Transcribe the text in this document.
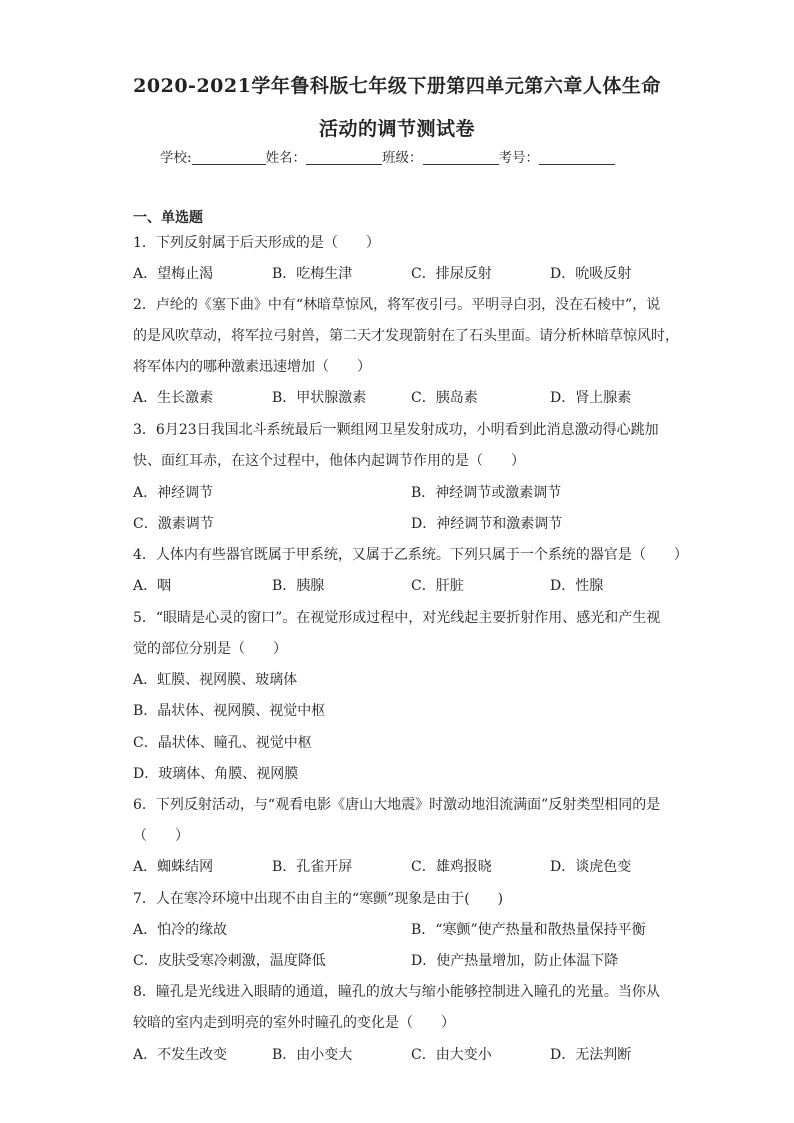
2020-2021学年鲁科版七年级下册第四单元第六章人体生命
活动的调节测试卷
学校:	姓名：	班级：	考号：
一、单选题
1．下列反射属于后天形成的是（　　）
A．望梅止渴	B．吃梅生津	C．排尿反射	D．吮吸反射
2．卢纶的《塞下曲》中有“林暗草惊风，将军夜引弓。平明寻白羽，没在石棱中”，说
的是风吹草动，将军拉弓射兽，第二天才发现箭射在了石头里面。请分析林暗草惊风时，
将军体内的哪种激素迅速增加（　　）
A．生长激素	B．甲状腺激素	C．胰岛素	D．肾上腺素
3．6月23日我国北斗系统最后一颗组网卫星发射成功，小明看到此消息激动得心跳加
快、面红耳赤，在这个过程中，他体内起调节作用的是（　　）
A．神经调节	B．神经调节或激素调节
C．激素调节	D．神经调节和激素调节
4．人体内有些器官既属于甲系统，又属于乙系统。下列只属于一个系统的器官是（　　）
A．咽	B．胰腺	C．肝脏	D．性腺
5．“眼睛是心灵的窗口”。在视觉形成过程中，对光线起主要折射作用、感光和产生视
觉的部位分别是（　　）
A．虹膜、视网膜、玻璃体
B．晶状体、视网膜、视觉中枢
C．晶状体、瞳孔、视觉中枢
D．玻璃体、角膜、视网膜
6．下列反射活动，与“观看电影《唐山大地震》时激动地泪流满面”反射类型相同的是
（　　）
A．蜘蛛结网	B．孔雀开屏	C．雄鸡报晓	D．谈虎色变
7．人在寒冷环境中出现不由自主的“寒颤”现象是由于(　　)
A．怕冷的缘故	B．“寒颤”使产热量和散热量保持平衡
C．皮肤受寒冷刺激，温度降低	D．使产热量增加，防止体温下降
8．瞳孔是光线进入眼睛的通道，瞳孔的放大与缩小能够控制进入瞳孔的光量。当你从
较暗的室内走到明亮的室外时瞳孔的变化是（　　）
A．不发生改变	B．由小变大	C．由大变小	D．无法判断
